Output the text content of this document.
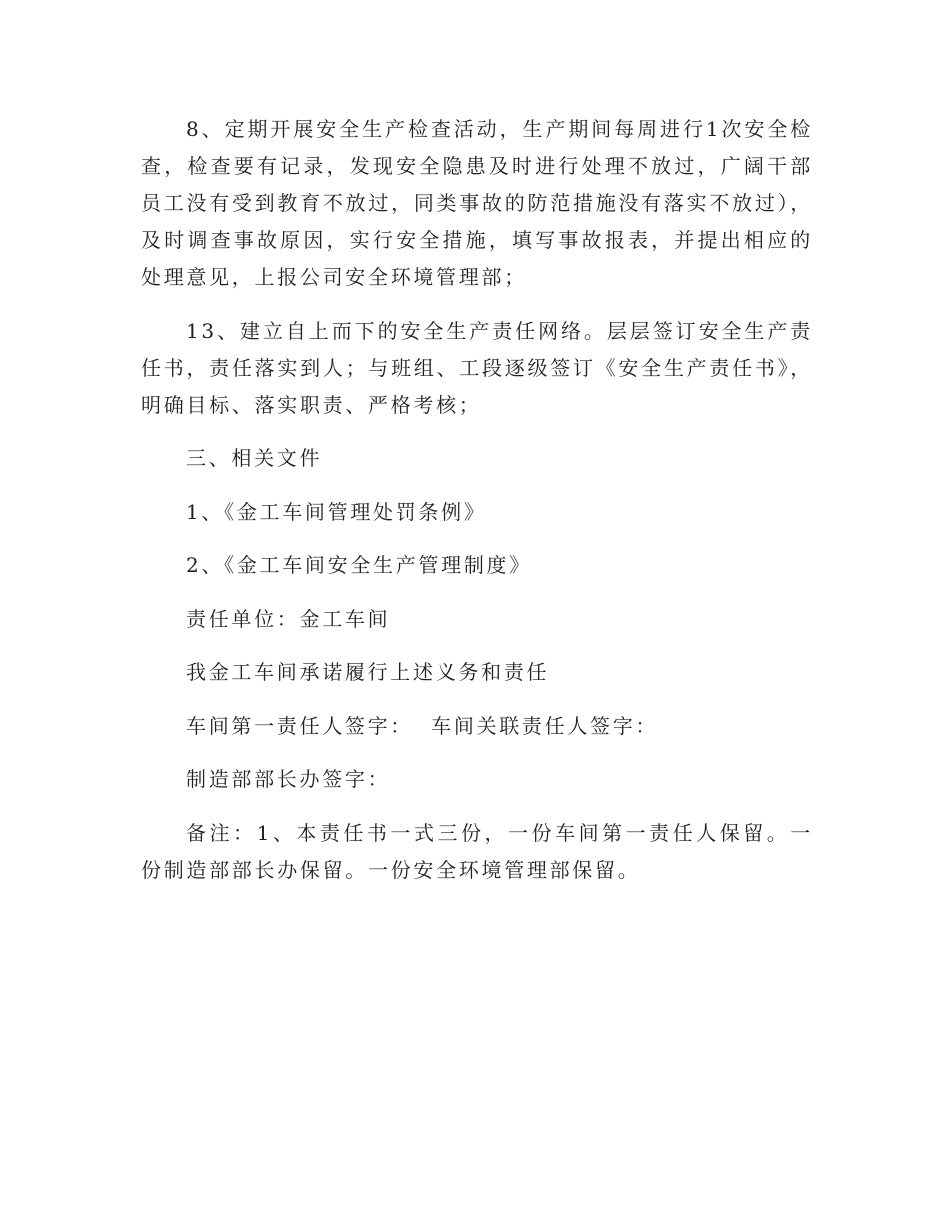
8、定期开展安全生产检查活动，生产期间每周进行1次安全检查，检查要有记录，发现安全隐患及时进行处理不放过，广阔干部员工没有受到教育不放过，同类事故的防范措施没有落实不放过），及时调查事故原因，实行安全措施，填写事故报表，并提出相应的处理意见，上报公司安全环境管理部；

13、建立自上而下的安全生产责任网络。层层签订安全生产责任书，责任落实到人；与班组、工段逐级签订《安全生产责任书》，明确目标、落实职责、严格考核；

三、相关文件

1、《金工车间管理处罚条例》

2、《金工车间安全生产管理制度》

责任单位：金工车间

我金工车间承诺履行上述义务和责任

车间第一责任人签字：  车间关联责任人签字：

制造部部长办签字：

备注：1、本责任书一式三份，一份车间第一责任人保留。一份制造部部长办保留。一份安全环境管理部保留。
